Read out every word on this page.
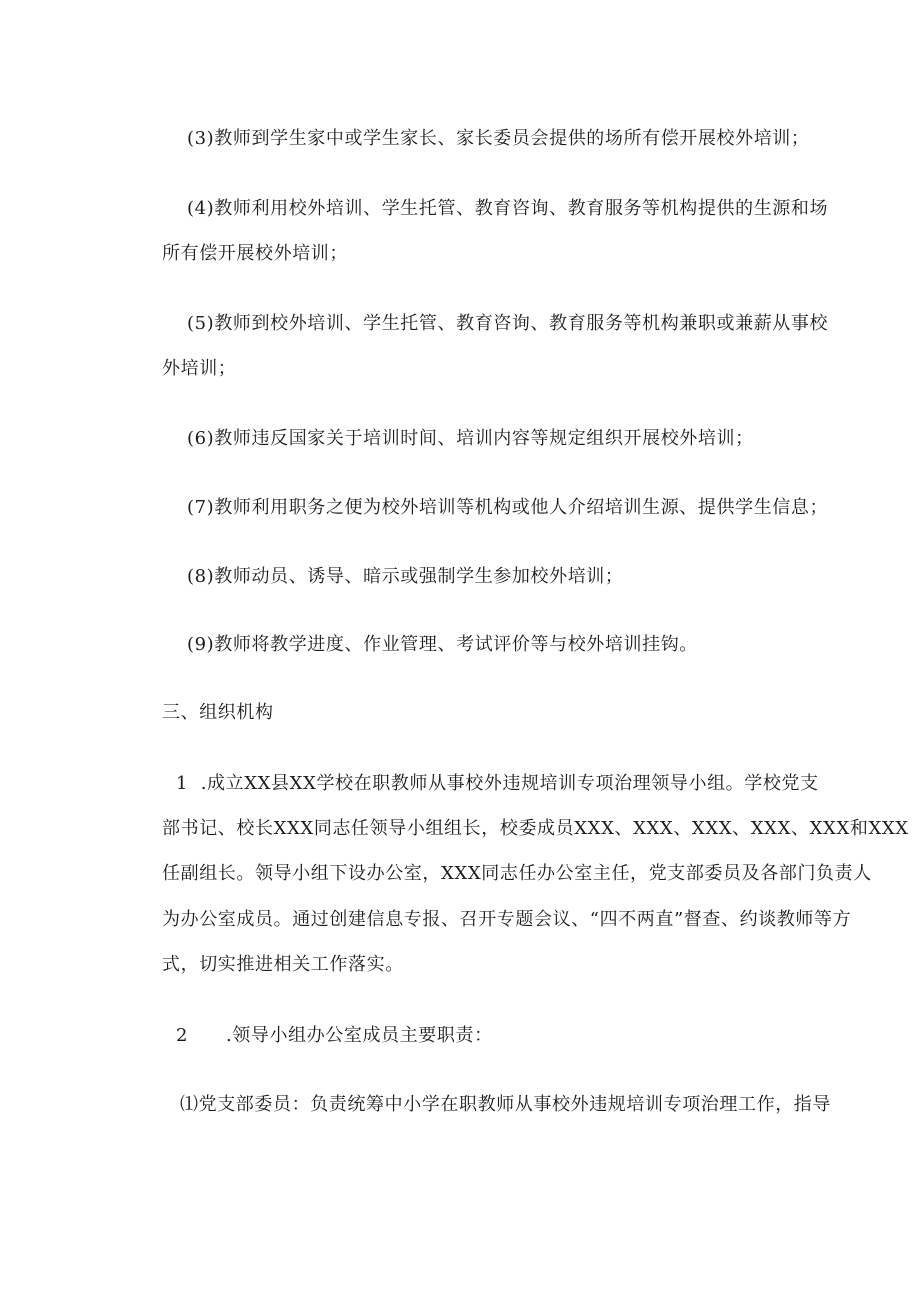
(3)教师到学生家中或学生家长、家长委员会提供的场所有偿开展校外培训；
(4)教师利用校外培训、学生托管、教育咨询、教育服务等机构提供的生源和场
所有偿开展校外培训；
(5)教师到校外培训、学生托管、教育咨询、教育服务等机构兼职或兼薪从事校
外培训；
(6)教师违反国家关于培训时间、培训内容等规定组织开展校外培训；
(7)教师利用职务之便为校外培训等机构或他人介绍培训生源、提供学生信息；
(8)教师动员、诱导、暗示或强制学生参加校外培训；
(9)教师将教学进度、作业管理、考试评价等与校外培训挂钩。
三、组织机构
1  .成立XX县XX学校在职教师从事校外违规培训专项治理领导小组。学校党支
部书记、校长XXX同志任领导小组组长，校委成员XXX、XXX、XXX、XXX、XXX和XXX
任副组长。领导小组下设办公室，XXX同志任办公室主任，党支部委员及各部门负责人
为办公室成员。通过创建信息专报、召开专题会议、“四不两直”督查、约谈教师等方
式，切实推进相关工作落实。
2      .领导小组办公室成员主要职责：
⑴党支部委员：负责统筹中小学在职教师从事校外违规培训专项治理工作，指导
